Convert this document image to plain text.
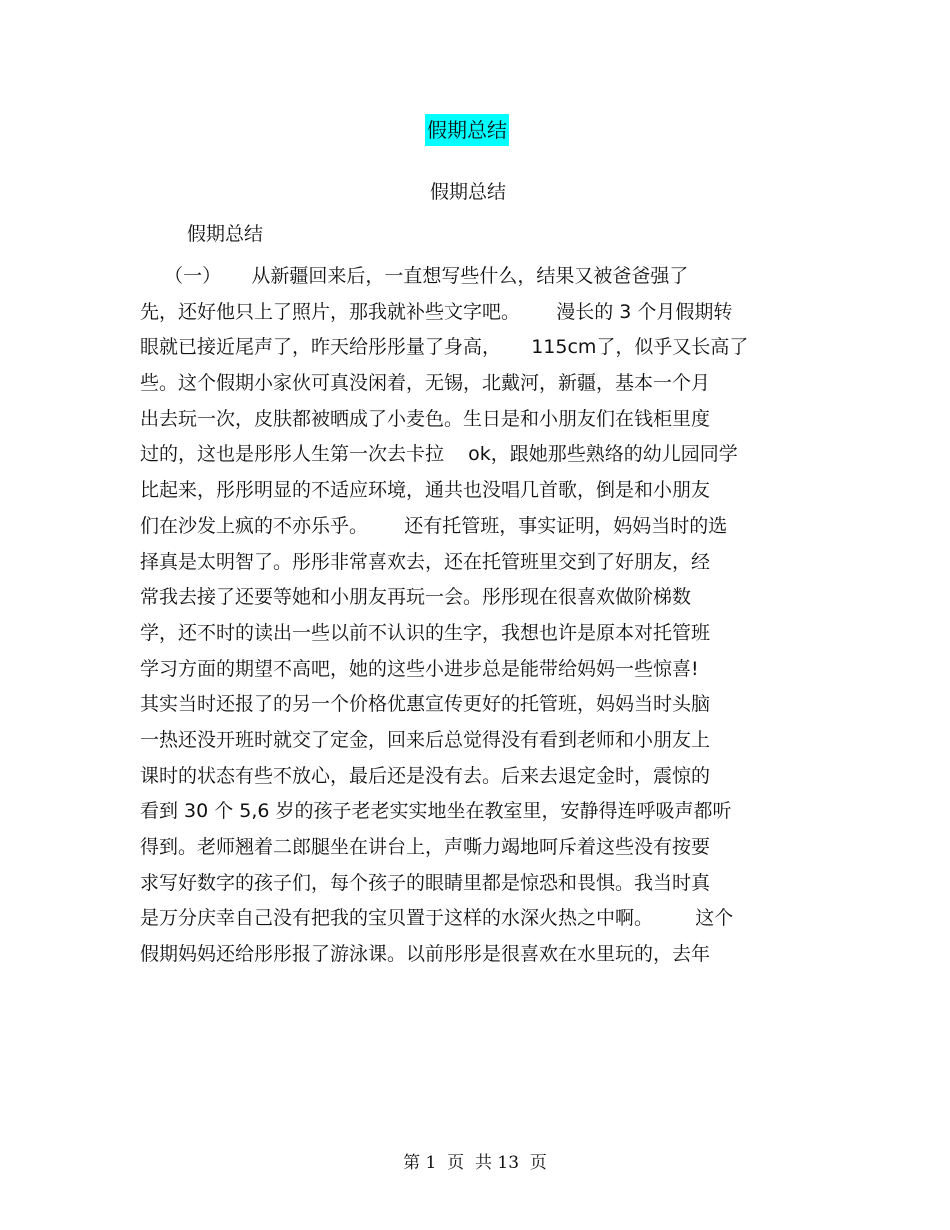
假期总结
假期总结
假期总结
（一）     从新疆回来后，一直想写些什么，结果又被爸爸强了
先，还好他只上了照片，那我就补些文字吧。      漫长的 3 个月假期转
眼就已接近尾声了，昨天给彤彤量了身高，     115cm了，似乎又长高了
些。这个假期小家伙可真没闲着，无锡，北戴河，新疆，基本一个月
出去玩一次，皮肤都被晒成了小麦色。生日是和小朋友们在钱柜里度
过的，这也是彤彤人生第一次去卡拉    ok，跟她那些熟络的幼儿园同学
比起来，彤彤明显的不适应环境，通共也没唱几首歌，倒是和小朋友
们在沙发上疯的不亦乐乎。      还有托管班，事实证明，妈妈当时的选
择真是太明智了。彤彤非常喜欢去，还在托管班里交到了好朋友，经
常我去接了还要等她和小朋友再玩一会。彤彤现在很喜欢做阶梯数
学，还不时的读出一些以前不认识的生字，我想也许是原本对托管班
学习方面的期望不高吧，她的这些小进步总是能带给妈妈一些惊喜!
其实当时还报了的另一个价格优惠宣传更好的托管班，妈妈当时头脑
一热还没开班时就交了定金，回来后总觉得没有看到老师和小朋友上
课时的状态有些不放心，最后还是没有去。后来去退定金时，震惊的
看到 30 个 5,6 岁的孩子老老实实地坐在教室里，安静得连呼吸声都听
得到。老师翘着二郎腿坐在讲台上，声嘶力竭地呵斥着这些没有按要
求写好数字的孩子们，每个孩子的眼睛里都是惊恐和畏惧。我当时真
是万分庆幸自己没有把我的宝贝置于这样的水深火热之中啊。       这个
假期妈妈还给彤彤报了游泳课。以前彤彤是很喜欢在水里玩的，去年
第 1  页  共 13  页
